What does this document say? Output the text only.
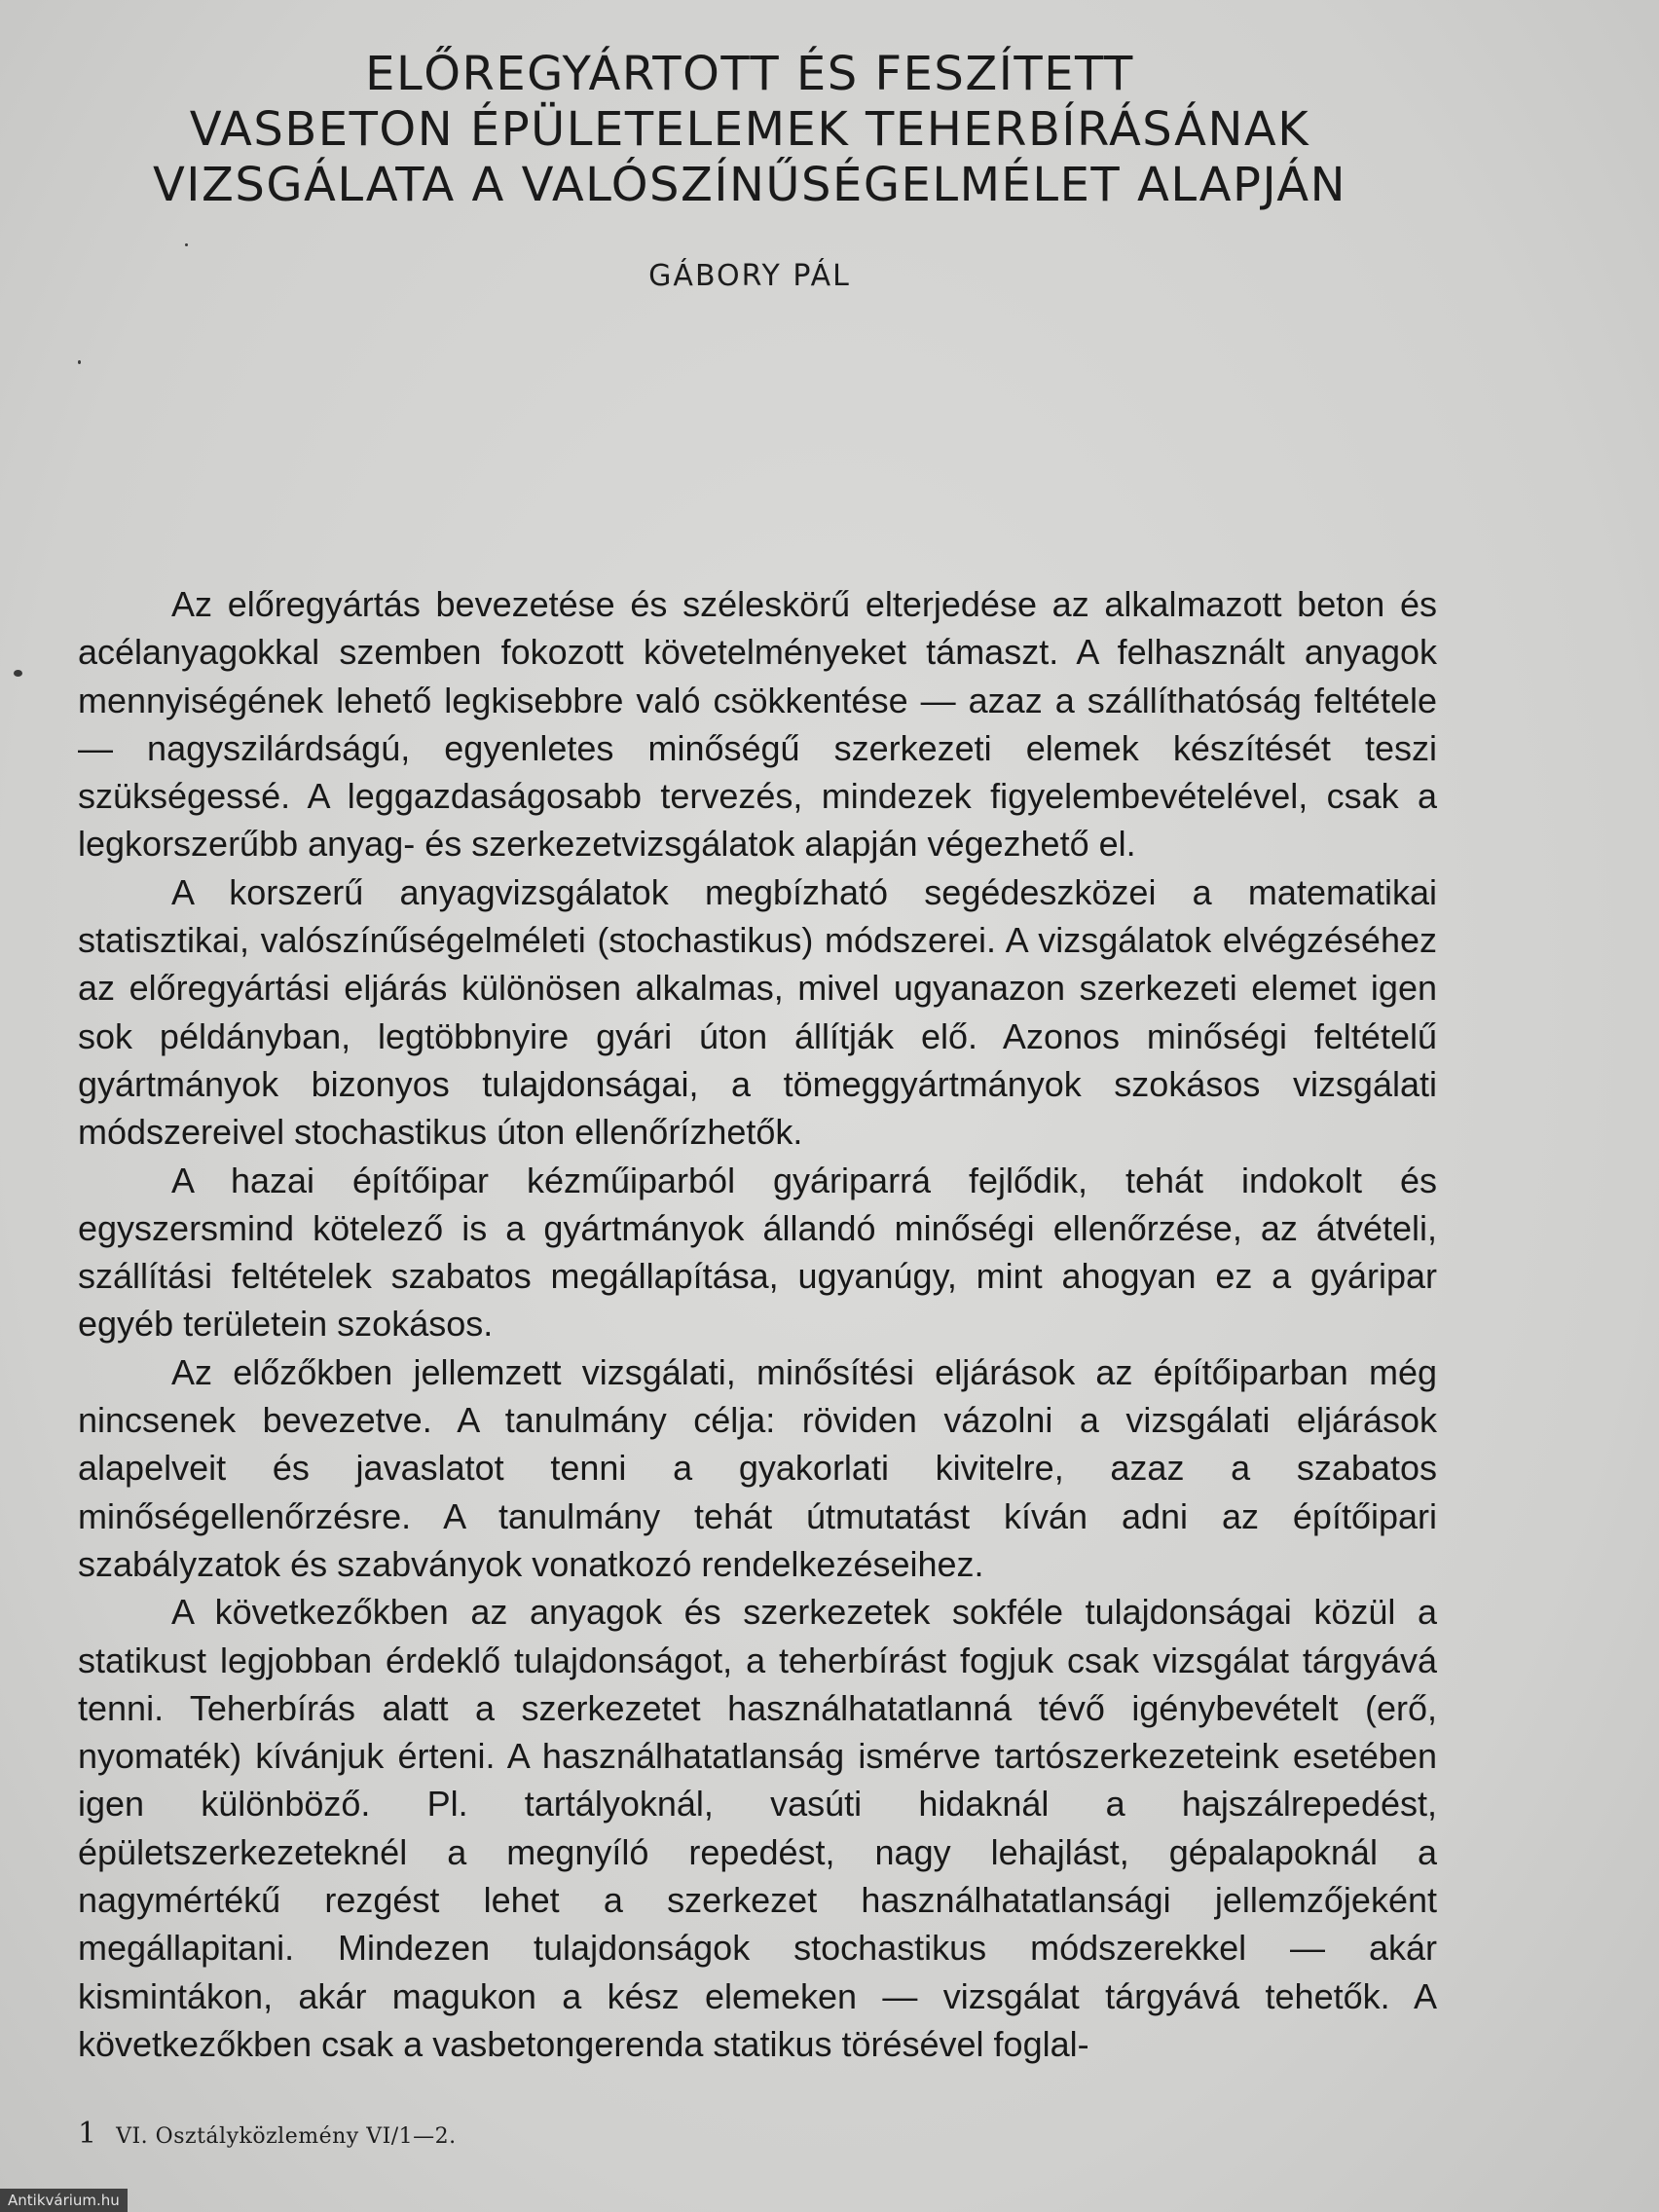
ELŐREGYÁRTOTT ÉS FESZÍTETT
VASBETON ÉPÜLETELEMEK TEHERBÍRÁSÁNAK
VIZSGÁLATA A VALÓSZÍNŰSÉGELMÉLET ALAPJÁN
GÁBORY PÁL

Az előregyártás bevezetése és széleskörű elterjedése az alkalmazott beton és acélanyagokkal szemben fokozott követelményeket támaszt. A felhasznált anyagok mennyiségének lehető legkisebbre való csökkentése — azaz a szállíthatóság feltétele — nagyszilárdságú, egyenletes minőségű szerkezeti elemek készítését teszi szükségessé. A leggazdaságosabb tervezés, mindezek figyelembevételével, csak a legkorszerűbb anyag- és szerkezetvizsgálatok alapján végezhető el.

A korszerű anyagvizsgálatok megbízható segédeszközei a matematikai statisztikai, valószínűségelméleti (stochastikus) módszerei. A vizsgálatok elvégzéséhez az előregyártási eljárás különösen alkalmas, mivel ugyanazon szerkezeti elemet igen sok példányban, legtöbbnyire gyári úton állítják elő. Azonos minőségi feltételű gyártmányok bizonyos tulajdonságai, a tömeggyártmányok szokásos vizsgálati módszereivel stochastikus úton ellenőrízhetők.

A hazai építőipar kézműiparból gyáriparrá fejlődik, tehát indokolt és egyszersmind kötelező is a gyártmányok állandó minőségi ellenőrzése, az átvételi, szállítási feltételek szabatos megállapítása, ugyanúgy, mint ahogyan ez a gyáripar egyéb területein szokásos.

Az előzőkben jellemzett vizsgálati, minősítési eljárások az építőiparban még nincsenek bevezetve. A tanulmány célja: röviden vázolni a vizsgálati eljárások alapelveit és javaslatot tenni a gyakorlati kivitelre, azaz a szabatos minőségellenőrzésre. A tanulmány tehát útmutatást kíván adni az építőipari szabályzatok és szabványok vonatkozó rendelkezéseihez.

A következőkben az anyagok és szerkezetek sokféle tulajdonságai közül a statikust legjobban érdeklő tulajdonságot, a teherbírást fogjuk csak vizsgálat tárgyává tenni. Teherbírás alatt a szerkezetet használhatatlanná tévő igénybevételt (erő, nyomaték) kívánjuk érteni. A használhatatlanság ismérve tartószerkezeteink esetében igen különböző. Pl. tartályoknál, vasúti hidaknál a hajszálrepedést, épületszerkezeteknél a megnyíló repedést, nagy lehajlást, gépalapoknál a nagymértékű rezgést lehet a szerkezet használhatatlansági jellemzőjeként megállapitani. Mindezen tulajdonságok stochastikus módszerekkel — akár kismintákon, akár magukon a kész elemeken — vizsgálat tárgyává tehetők. A következőkben csak a vasbetongerenda statikus törésével foglal-

1 VI. Osztályközlemény VI/1—2.
Antikvárium.hu
